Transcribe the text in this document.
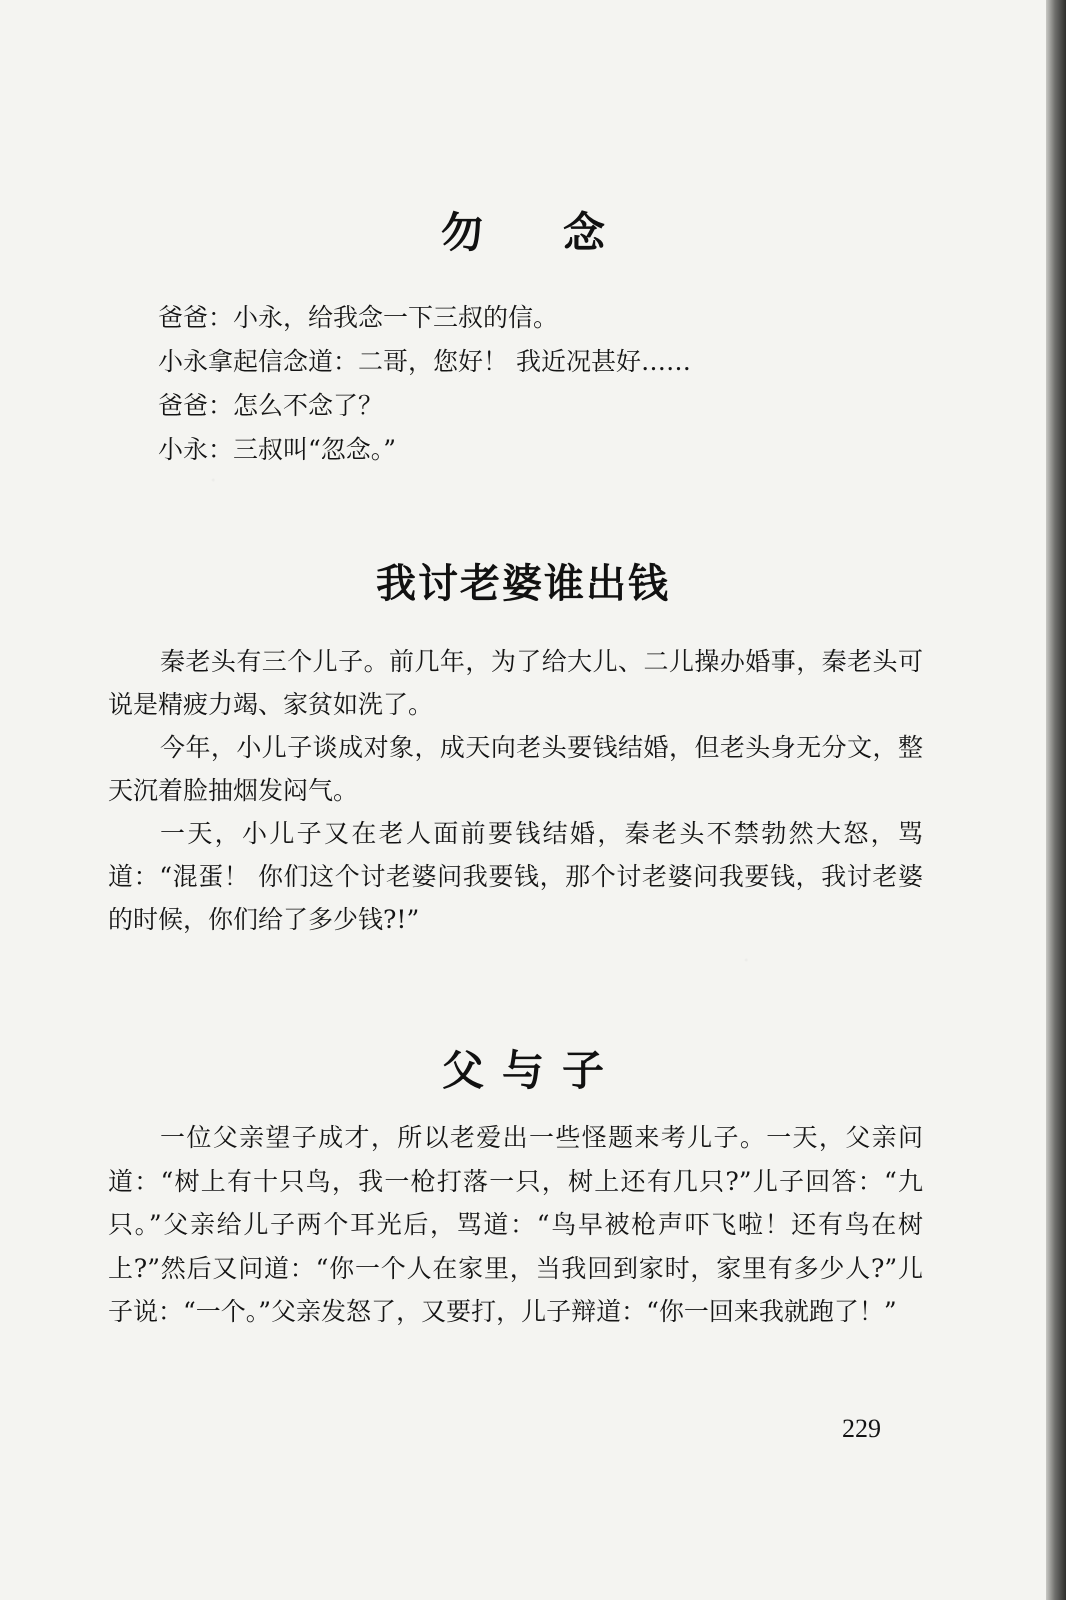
勿念

爸爸：小永，给我念一下三叔的信。

小永拿起信念道：二哥，您好！ 我近况甚好……

爸爸：怎么不念了？

小永：三叔叫“忽念。”

我讨老婆谁出钱

秦老头有三个儿子。前几年，为了给大儿、二儿操办婚事，秦老头可说是精疲力竭、家贫如洗了。

今年，小儿子谈成对象，成天向老头要钱结婚，但老头身无分文，整天沉着脸抽烟发闷气。

一天，小儿子又在老人面前要钱结婚，秦老头不禁勃然大怒，骂道：“混蛋！ 你们这个讨老婆问我要钱，那个讨老婆问我要钱，我讨老婆的时候，你们给了多少钱?!”

父与子

一位父亲望子成才，所以老爱出一些怪题来考儿子。一天，父亲问道：“树上有十只鸟，我一枪打落一只，树上还有几只?”儿子回答：“九只。”父亲给儿子两个耳光后，骂道：“鸟早被枪声吓飞啦！还有鸟在树上?”然后又问道：“你一个人在家里，当我回到家时，家里有多少人?”儿子说：“一个。”父亲发怒了，又要打，儿子辩道：“你一回来我就跑了！”

229
